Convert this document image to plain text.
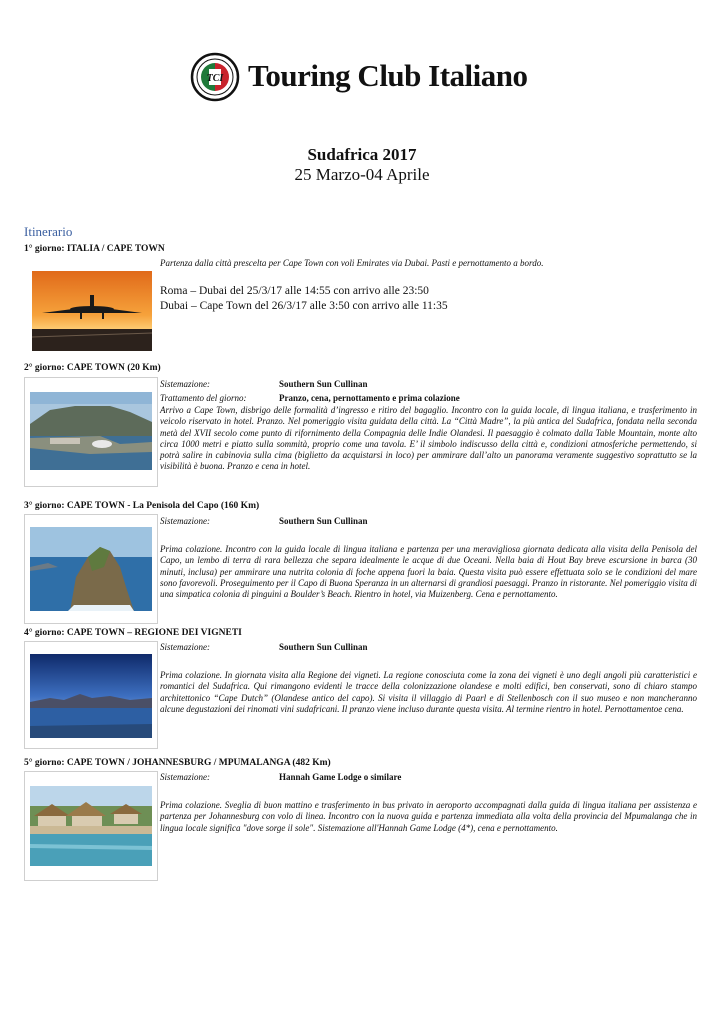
TCI Touring Club Italiano
Sudafrica 2017
25 Marzo-04 Aprile
Itinerario
1° giorno: ITALIA / CAPE TOWN
Partenza dalla città prescelta per Cape Town con voli Emirates via Dubai. Pasti e pernottamento a bordo.
Roma – Dubai del 25/3/17 alle 14:55 con arrivo alle 23:50
Dubai – Cape Town del 26/3/17 alle 3:50 con arrivo alle 11:35
2° giorno: CAPE TOWN (20 Km)
Sistemazione:	Southern Sun Cullinan
Trattamento del giorno:	Pranzo, cena, pernottamento e prima colazione

Arrivo a Cape Town, disbrigo delle formalità d’ingresso e ritiro del bagaglio. Incontro con la guida locale, di lingua italiana, e trasferimento in veicolo riservato in hotel. Pranzo. Nel pomeriggio visita guidata della città. La “Città Madre”, la più antica del Sudafrica, fondata nella seconda metà del XVII secolo come punto di rifornimento della Compagnia delle Indie Olandesi. Il paesaggio è colmato dalla Table Mountain, monte alto circa 1000 metri e piatto sulla sommità, proprio come una tavola. E’ il simbolo indiscusso della città e, condizioni atmosferiche permettendo, si potrà salire in cabinovia sulla cima (biglietto da acquistarsi in loco) per ammirare dall’alto un panorama veramente suggestivo soprattutto se la visibilità è buona. Pranzo e cena in hotel.

3° giorno: CAPE TOWN - La Penisola del Capo (160 Km)
Sistemazione:	Southern Sun Cullinan

Prima colazione. Incontro con la guida locale di lingua italiana e partenza per una meravigliosa giornata dedicata alla visita della Penisola del Capo, un lembo di terra di rara bellezza che separa idealmente le acque di due Oceani. Nella baia di Hout Bay breve escursione in barca (30 minuti, inclusa) per ammirare una nutrita colonia di foche appena fuori la baia. Questa visita può essere effettuata solo se le condizioni del mare sono favorevoli. Proseguimento per il Capo di Buona Speranza in un alternarsi di grandiosi paesaggi. Pranzo in ristorante. Nel pomeriggio visita di una simpatica colonia di pinguini a Boulder’s Beach. Rientro in hotel, via Muizenberg. Cena e pernottamento.

4° giorno: CAPE TOWN – REGIONE DEI VIGNETI
Sistemazione:	Southern Sun Cullinan

Prima colazione. In giornata visita alla Regione dei vigneti. La regione conosciuta come la zona dei vigneti è uno degli angoli più caratteristici e romantici del Sudafrica. Qui rimangono evidenti le tracce della colonizzazione olandese e molti edifici, ben conservati, sono di chiaro stampo architettonico “Cape Dutch” (Olandese antico del capo). Si visita il villaggio di Paarl e di Stellenbosch con il suo museo e non mancheranno alcune degustazioni dei rinomati vini sudafricani. Il pranzo viene incluso durante questa visita. Al termine rientro in hotel. Pernottamentoe cena.

5° giorno: CAPE TOWN / JOHANNESBURG / MPUMALANGA (482 Km)
Sistemazione:	Hannah Game Lodge o similare

Prima colazione. Sveglia di buon mattino e trasferimento in bus privato in aeroporto accompagnati dalla guida di lingua italiana per assistenza e partenza per Johannesburg con volo di linea. Incontro con la nuova guida e partenza immediata alla volta della provincia del Mpumalanga che in lingua locale significa "dove sorge il sole". Sistemazione all'Hannah Game Lodge (4*), cena e pernottamento.
